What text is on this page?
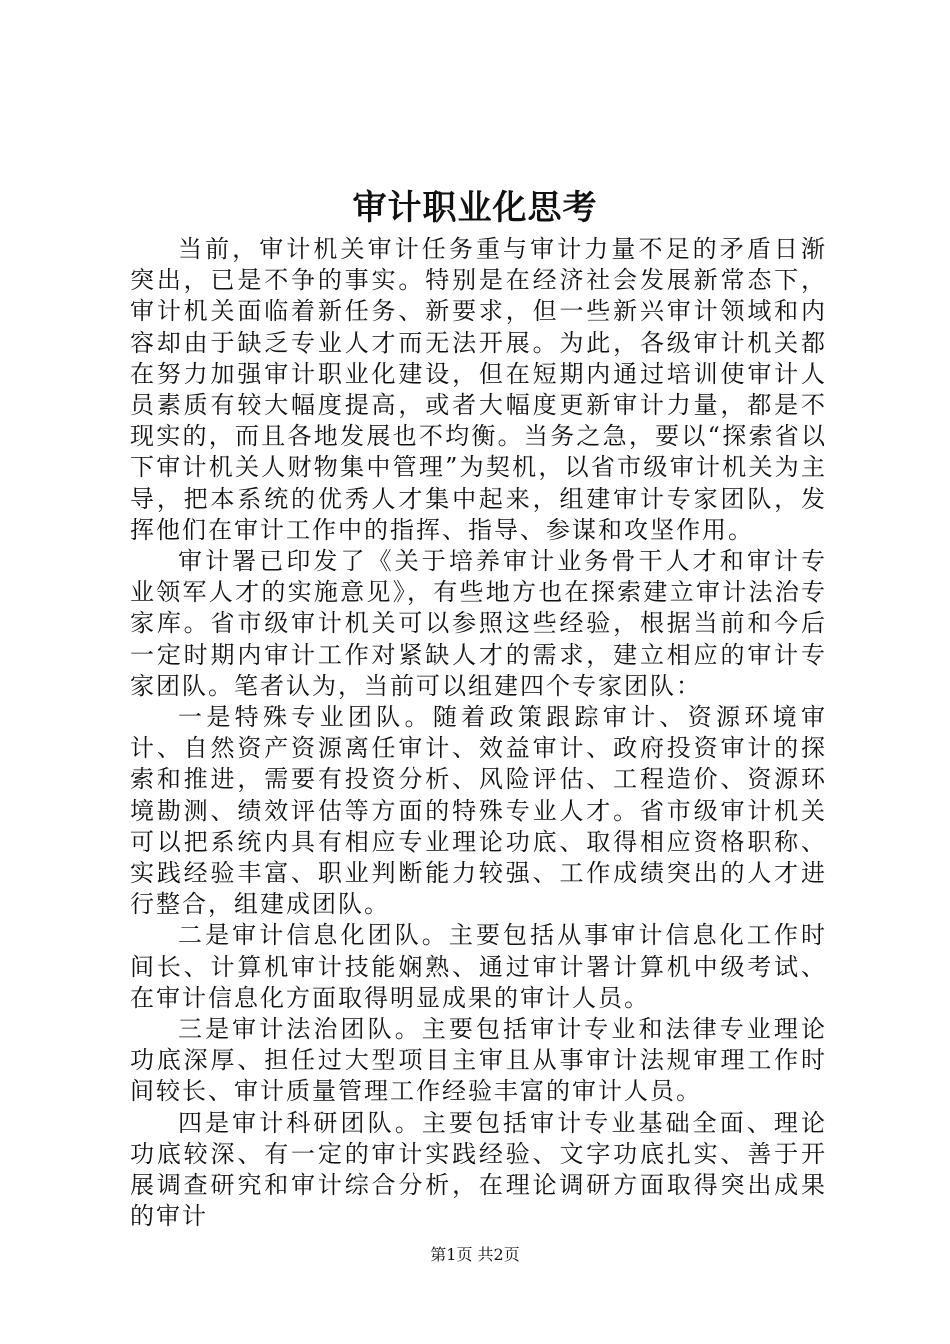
审计职业化思考

当前，审计机关审计任务重与审计力量不足的矛盾日渐突出，已是不争的事实。特别是在经济社会发展新常态下，审计机关面临着新任务、新要求，但一些新兴审计领域和内容却由于缺乏专业人才而无法开展。为此，各级审计机关都在努力加强审计职业化建设，但在短期内通过培训使审计人员素质有较大幅度提高，或者大幅度更新审计力量，都是不现实的，而且各地发展也不均衡。当务之急，要以“探索省以下审计机关人财物集中管理”为契机，以省市级审计机关为主导，把本系统的优秀人才集中起来，组建审计专家团队，发挥他们在审计工作中的指挥、指导、参谋和攻坚作用。

审计署已印发了《关于培养审计业务骨干人才和审计专业领军人才的实施意见》，有些地方也在探索建立审计法治专家库。省市级审计机关可以参照这些经验，根据当前和今后一定时期内审计工作对紧缺人才的需求，建立相应的审计专家团队。笔者认为，当前可以组建四个专家团队：

一是特殊专业团队。随着政策跟踪审计、资源环境审计、自然资产资源离任审计、效益审计、政府投资审计的探索和推进，需要有投资分析、风险评估、工程造价、资源环境勘测、绩效评估等方面的特殊专业人才。省市级审计机关可以把系统内具有相应专业理论功底、取得相应资格职称、实践经验丰富、职业判断能力较强、工作成绩突出的人才进行整合，组建成团队。

二是审计信息化团队。主要包括从事审计信息化工作时间长、计算机审计技能娴熟、通过审计署计算机中级考试、在审计信息化方面取得明显成果的审计人员。

三是审计法治团队。主要包括审计专业和法律专业理论功底深厚、担任过大型项目主审且从事审计法规审理工作时间较长、审计质量管理工作经验丰富的审计人员。

四是审计科研团队。主要包括审计专业基础全面、理论功底较深、有一定的审计实践经验、文字功底扎实、善于开展调查研究和审计综合分析，在理论调研方面取得突出成果的审计

第1页 共2页
